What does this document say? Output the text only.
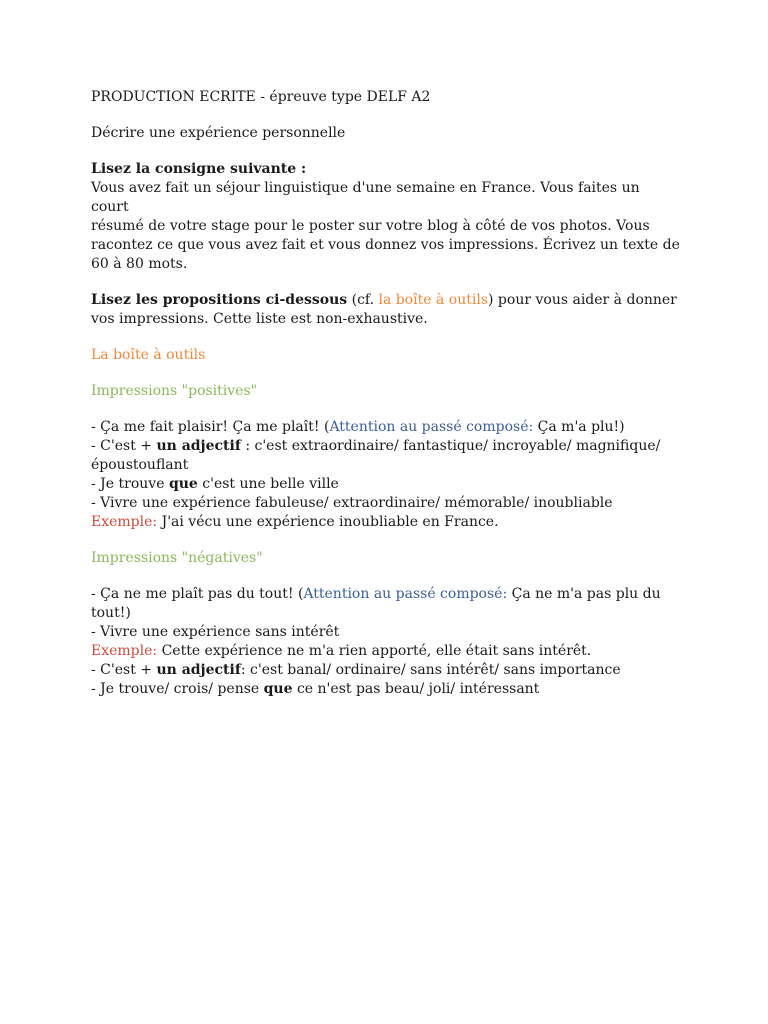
PRODUCTION ECRITE - épreuve type DELF A2

Décrire une expérience personnelle

Lisez la consigne suivante :

Vous avez fait un séjour linguistique d'une semaine en France. Vous faites un court

résumé de votre stage pour le poster sur votre blog à côté de vos photos. Vous

racontez ce que vous avez fait et vous donnez vos impressions. Écrivez un texte de

60 à 80 mots.

Lisez les propositions ci-dessous (cf. la boîte à outils) pour vous aider à donner

vos impressions. Cette liste est non-exhaustive.

La boîte à outils

Impressions "positives"

- Ça me fait plaisir! Ça me plaît! (Attention au passé composé: Ça m'a plu!)

- C'est + un adjectif : c'est extraordinaire/ fantastique/ incroyable/ magnifique/

époustouflant

- Je trouve que c'est une belle ville

- Vivre une expérience fabuleuse/ extraordinaire/ mémorable/ inoubliable

Exemple: J'ai vécu une expérience inoubliable en France.

Impressions "négatives"

- Ça ne me plaît pas du tout! (Attention au passé composé: Ça ne m'a pas plu du

tout!)

- Vivre une expérience sans intérêt

Exemple: Cette expérience ne m'a rien apporté, elle était sans intérêt.

- C'est + un adjectif: c'est banal/ ordinaire/ sans intérêt/ sans importance

- Je trouve/ crois/ pense que ce n'est pas beau/ joli/ intéressant
